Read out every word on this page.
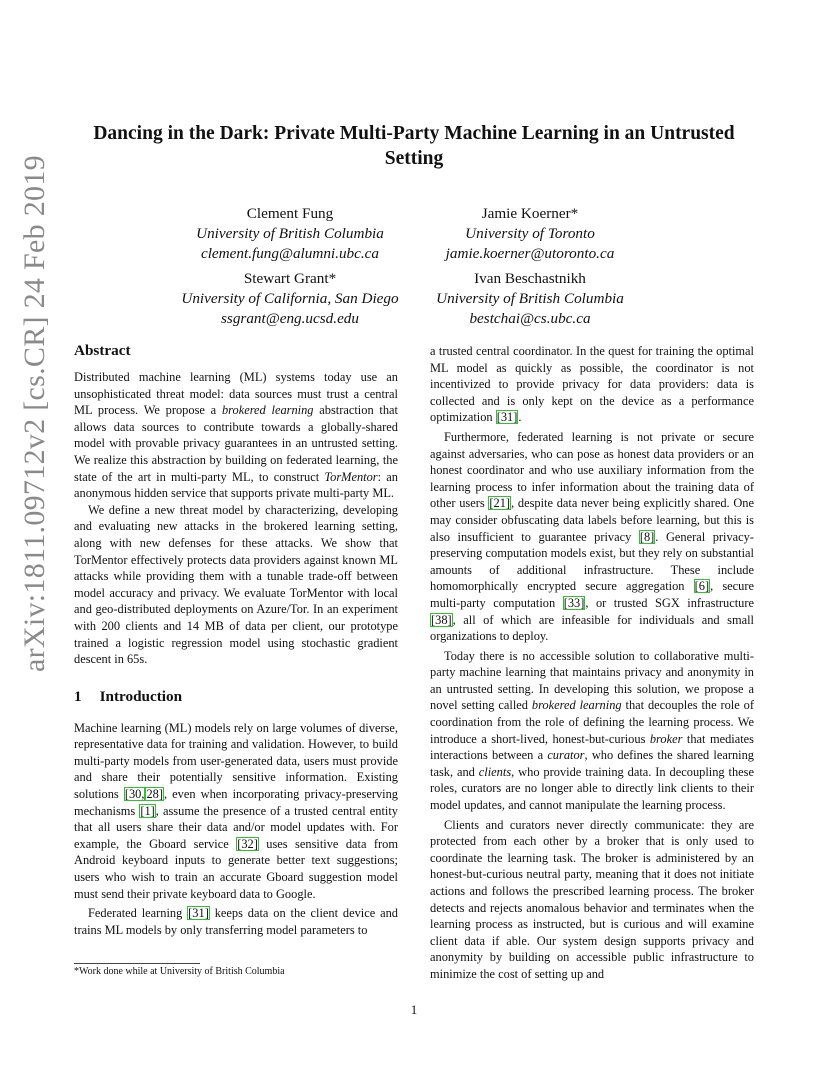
arXiv:1811.09712v2 [cs.CR] 24 Feb 2019
Dancing in the Dark: Private Multi-Party Machine Learning in an Untrusted Setting
Clement Fung
University of British Columbia
clement.fung@alumni.ubc.ca
Jamie Koerner*
University of Toronto
jamie.koerner@utoronto.ca
Stewart Grant*
University of California, San Diego
ssgrant@eng.ucsd.edu
Ivan Beschastnikh
University of British Columbia
bestchai@cs.ubc.ca
Abstract

Distributed machine learning (ML) systems today use an unsophisticated threat model: data sources must trust a central ML process. We propose a brokered learning abstraction that allows data sources to contribute towards a globally-shared model with provable privacy guarantees in an untrusted setting. We realize this abstraction by building on federated learning, the state of the art in multi-party ML, to construct TorMentor: an anonymous hidden service that supports private multi-party ML.

We define a new threat model by characterizing, developing and evaluating new attacks in the brokered learning setting, along with new defenses for these attacks. We show that TorMentor effectively protects data providers against known ML attacks while providing them with a tunable trade-off between model accuracy and privacy. We evaluate TorMentor with local and geo-distributed deployments on Azure/Tor. In an experiment with 200 clients and 14 MB of data per client, our prototype trained a logistic regression model using stochastic gradient descent in 65s.

1 Introduction

Machine learning (ML) models rely on large volumes of diverse, representative data for training and validation. However, to build multi-party models from user-generated data, users must provide and share their potentially sensitive information. Existing solutions [30, 28], even when incorporating privacy-preserving mechanisms [1], assume the presence of a trusted central entity that all users share their data and/or model updates with. For example, the Gboard service [32] uses sensitive data from Android keyboard inputs to generate better text suggestions; users who wish to train an accurate Gboard suggestion model must send their private keyboard data to Google.

Federated learning [31] keeps data on the client device and trains ML models by only transferring model parameters to

a trusted central coordinator. In the quest for training the optimal ML model as quickly as possible, the coordinator is not incentivized to provide privacy for data providers: data is collected and is only kept on the device as a performance optimization [31].

Furthermore, federated learning is not private or secure against adversaries, who can pose as honest data providers or an honest coordinator and who use auxiliary information from the learning process to infer information about the training data of other users [21], despite data never being explicitly shared. One may consider obfuscating data labels before learning, but this is also insufficient to guarantee privacy [8]. General privacy-preserving computation models exist, but they rely on substantial amounts of additional infrastructure. These include homomorphically encrypted secure aggregation [6], secure multi-party computation [33], or trusted SGX infrastructure [38], all of which are infeasible for individuals and small organizations to deploy.

Today there is no accessible solution to collaborative multi-party machine learning that maintains privacy and anonymity in an untrusted setting. In developing this solution, we propose a novel setting called brokered learning that decouples the role of coordination from the role of defining the learning process. We introduce a short-lived, honest-but-curious broker that mediates interactions between a curator, who defines the shared learning task, and clients, who provide training data. In decoupling these roles, curators are no longer able to directly link clients to their model updates, and cannot manipulate the learning process.

Clients and curators never directly communicate: they are protected from each other by a broker that is only used to coordinate the learning task. The broker is administered by an honest-but-curious neutral party, meaning that it does not initiate actions and follows the prescribed learning process. The broker detects and rejects anomalous behavior and terminates when the learning process as instructed, but is curious and will examine client data if able. Our system design supports privacy and anonymity by building on accessible public infrastructure to minimize the cost of setting up and

*Work done while at University of British Columbia
1
